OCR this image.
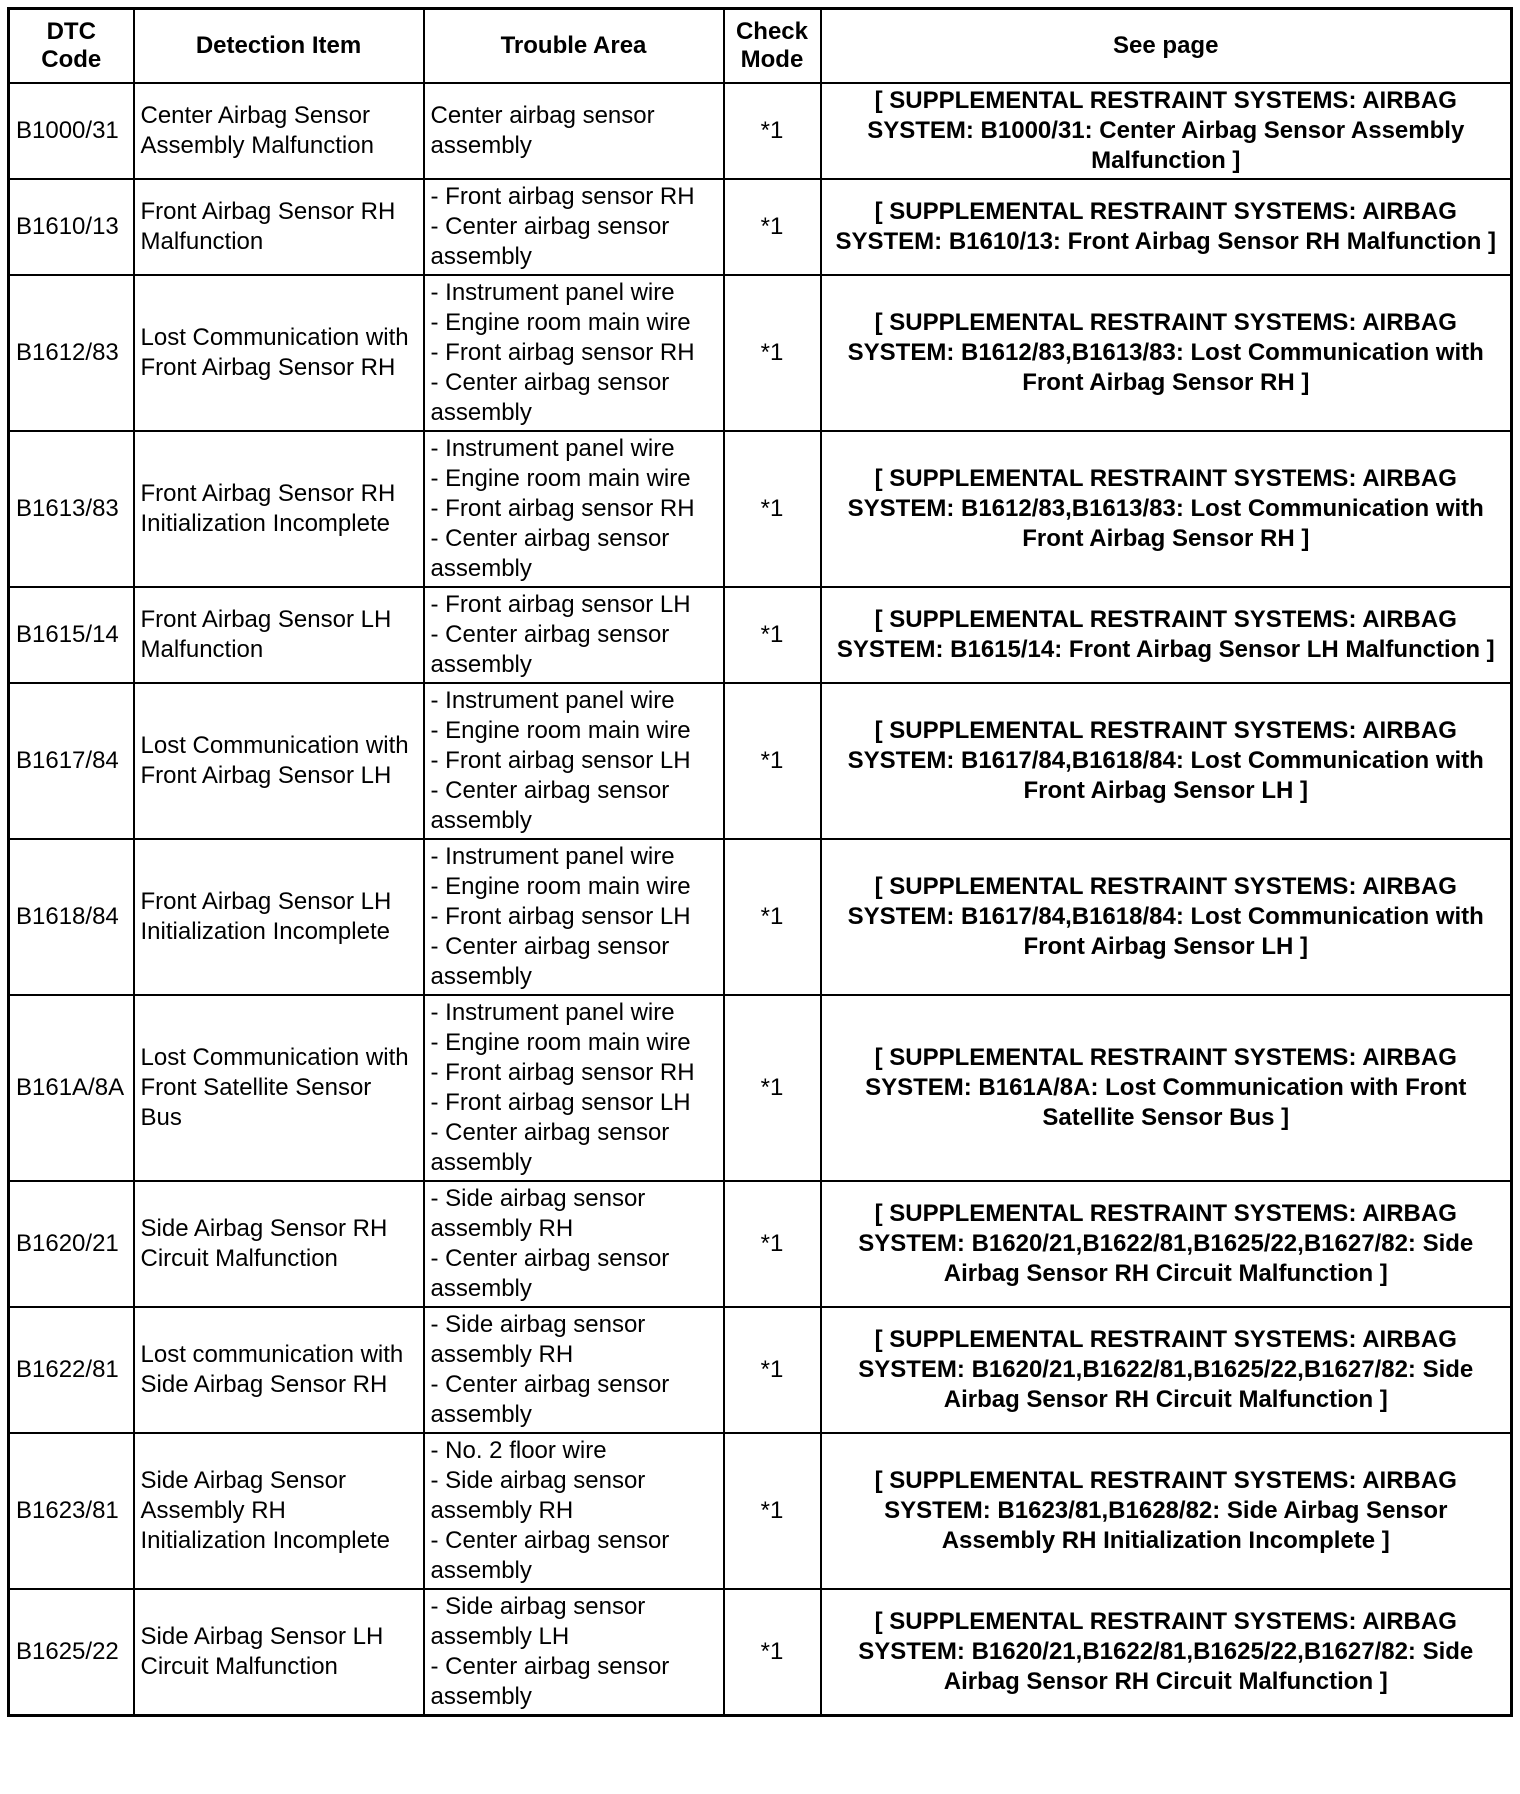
DTC Code	Detection Item	Trouble Area	Check Mode	See page
B1000/31	Center Airbag Sensor Assembly Malfunction	Center airbag sensor assembly	*1	[ SUPPLEMENTAL RESTRAINT SYSTEMS: AIRBAG SYSTEM: B1000/31: Center Airbag Sensor Assembly Malfunction ]
B1610/13	Front Airbag Sensor RH Malfunction	- Front airbag sensor RH
- Center airbag sensor assembly	*1	[ SUPPLEMENTAL RESTRAINT SYSTEMS: AIRBAG SYSTEM: B1610/13: Front Airbag Sensor RH Malfunction ]
B1612/83	Lost Communication with Front Airbag Sensor RH	- Instrument panel wire
- Engine room main wire
- Front airbag sensor RH
- Center airbag sensor assembly	*1	[ SUPPLEMENTAL RESTRAINT SYSTEMS: AIRBAG SYSTEM: B1612/83,B1613/83: Lost Communication with Front Airbag Sensor RH ]
B1613/83	Front Airbag Sensor RH Initialization Incomplete	- Instrument panel wire
- Engine room main wire
- Front airbag sensor RH
- Center airbag sensor assembly	*1	[ SUPPLEMENTAL RESTRAINT SYSTEMS: AIRBAG SYSTEM: B1612/83,B1613/83: Lost Communication with Front Airbag Sensor RH ]
B1615/14	Front Airbag Sensor LH Malfunction	- Front airbag sensor LH
- Center airbag sensor assembly	*1	[ SUPPLEMENTAL RESTRAINT SYSTEMS: AIRBAG SYSTEM: B1615/14: Front Airbag Sensor LH Malfunction ]
B1617/84	Lost Communication with Front Airbag Sensor LH	- Instrument panel wire
- Engine room main wire
- Front airbag sensor LH
- Center airbag sensor assembly	*1	[ SUPPLEMENTAL RESTRAINT SYSTEMS: AIRBAG SYSTEM: B1617/84,B1618/84: Lost Communication with Front Airbag Sensor LH ]
B1618/84	Front Airbag Sensor LH Initialization Incomplete	- Instrument panel wire
- Engine room main wire
- Front airbag sensor LH
- Center airbag sensor assembly	*1	[ SUPPLEMENTAL RESTRAINT SYSTEMS: AIRBAG SYSTEM: B1617/84,B1618/84: Lost Communication with Front Airbag Sensor LH ]
B161A/8A	Lost Communication with Front Satellite Sensor Bus	- Instrument panel wire
- Engine room main wire
- Front airbag sensor RH
- Front airbag sensor LH
- Center airbag sensor assembly	*1	[ SUPPLEMENTAL RESTRAINT SYSTEMS: AIRBAG SYSTEM: B161A/8A: Lost Communication with Front Satellite Sensor Bus ]
B1620/21	Side Airbag Sensor RH Circuit Malfunction	- Side airbag sensor assembly RH
- Center airbag sensor assembly	*1	[ SUPPLEMENTAL RESTRAINT SYSTEMS: AIRBAG SYSTEM: B1620/21,B1622/81,B1625/22,B1627/82: Side Airbag Sensor RH Circuit Malfunction ]
B1622/81	Lost communication with Side Airbag Sensor RH	- Side airbag sensor assembly RH
- Center airbag sensor assembly	*1	[ SUPPLEMENTAL RESTRAINT SYSTEMS: AIRBAG SYSTEM: B1620/21,B1622/81,B1625/22,B1627/82: Side Airbag Sensor RH Circuit Malfunction ]
B1623/81	Side Airbag Sensor Assembly RH Initialization Incomplete	- No. 2 floor wire
- Side airbag sensor assembly RH
- Center airbag sensor assembly	*1	[ SUPPLEMENTAL RESTRAINT SYSTEMS: AIRBAG SYSTEM: B1623/81,B1628/82: Side Airbag Sensor Assembly RH Initialization Incomplete ]
B1625/22	Side Airbag Sensor LH Circuit Malfunction	- Side airbag sensor assembly LH
- Center airbag sensor assembly	*1	[ SUPPLEMENTAL RESTRAINT SYSTEMS: AIRBAG SYSTEM: B1620/21,B1622/81,B1625/22,B1627/82: Side Airbag Sensor RH Circuit Malfunction ]
